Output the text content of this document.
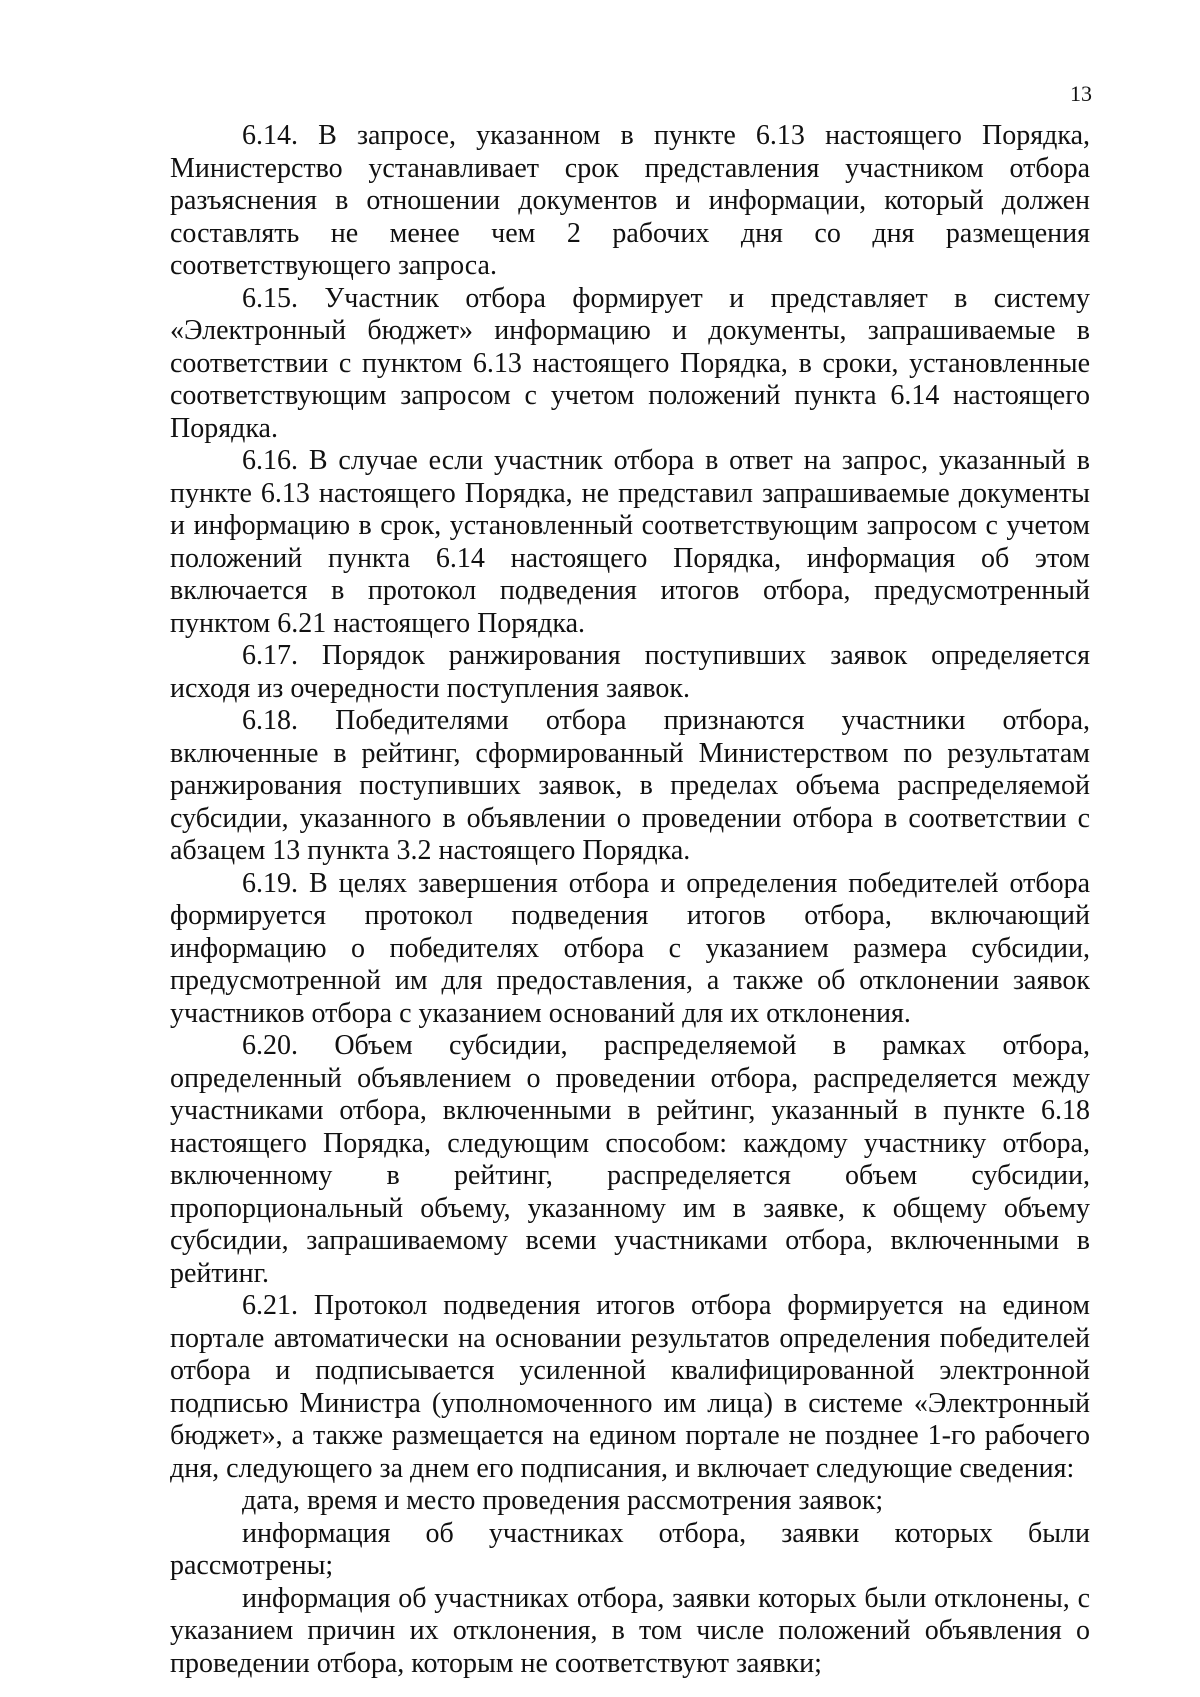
13

6.14. В запросе, указанном в пункте 6.13 настоящего Порядка, Министерство устанавливает срок представления участником отбора разъяснения в отношении документов и информации, который должен составлять не менее чем 2 рабочих дня со дня размещения соответствующего запроса.

6.15. Участник отбора формирует и представляет в систему «Электронный бюджет» информацию и документы, запрашиваемые в соответствии с пунктом 6.13 настоящего Порядка, в сроки, установленные соответствующим запросом с учетом положений пункта 6.14 настоящего Порядка.

6.16. В случае если участник отбора в ответ на запрос, указанный в пункте 6.13 настоящего Порядка, не представил запрашиваемые документы и информацию в срок, установленный соответствующим запросом с учетом положений пункта 6.14 настоящего Порядка, информация об этом включается в протокол подведения итогов отбора, предусмотренный пунктом 6.21 настоящего Порядка.

6.17. Порядок ранжирования поступивших заявок определяется исходя из очередности поступления заявок.

6.18. Победителями отбора признаются участники отбора, включенные в рейтинг, сформированный Министерством по результатам ранжирования поступивших заявок, в пределах объема распределяемой субсидии, указанного в объявлении о проведении отбора в соответствии с абзацем 13 пункта 3.2 настоящего Порядка.

6.19. В целях завершения отбора и определения победителей отбора формируется протокол подведения итогов отбора, включающий информацию о победителях отбора с указанием размера субсидии, предусмотренной им для предоставления, а также об отклонении заявок участников отбора с указанием оснований для их отклонения.

6.20. Объем субсидии, распределяемой в рамках отбора, определенный объявлением о проведении отбора, распределяется между участниками отбора, включенными в рейтинг, указанный в пункте 6.18 настоящего Порядка, следующим способом: каждому участнику отбора, включенному в рейтинг, распределяется объем субсидии, пропорциональный объему, указанному им в заявке, к общему объему субсидии, запрашиваемому всеми участниками отбора, включенными в рейтинг.

6.21. Протокол подведения итогов отбора формируется на едином портале автоматически на основании результатов определения победителей отбора и подписывается усиленной квалифицированной электронной подписью Министра (уполномоченного им лица) в системе «Электронный бюджет», а также размещается на едином портале не позднее 1-го рабочего дня, следующего за днем его подписания, и включает следующие сведения:

дата, время и место проведения рассмотрения заявок;

информация об участниках отбора, заявки которых были рассмотрены;

информация об участниках отбора, заявки которых были отклонены, с указанием причин их отклонения, в том числе положений объявления о проведении отбора, которым не соответствуют заявки;
